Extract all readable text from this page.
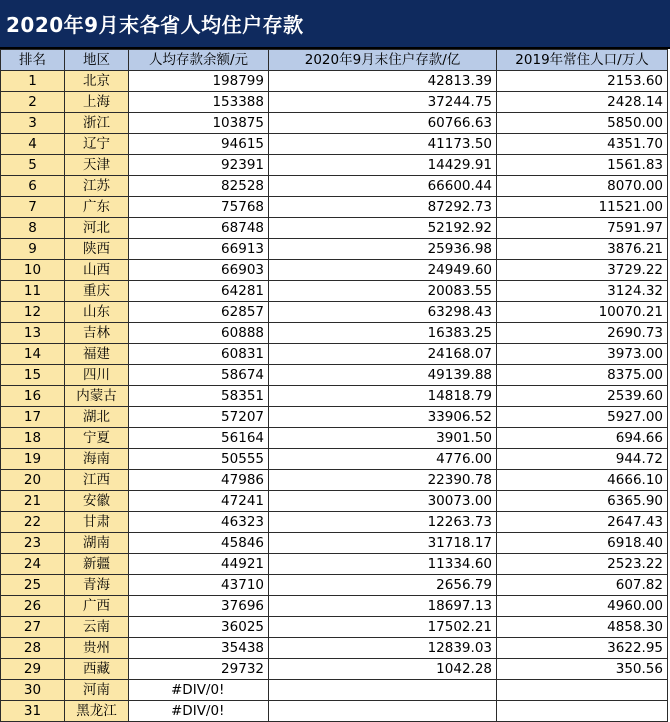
2020年9月末各省人均住户存款
排名	地区	人均存款余额/元	2020年9月末住户存款/亿	2019年常住人口/万人
1	北京	198799	42813.39	2153.60
2	上海	153388	37244.75	2428.14
3	浙江	103875	60766.63	5850.00
4	辽宁	94615	41173.50	4351.70
5	天津	92391	14429.91	1561.83
6	江苏	82528	66600.44	8070.00
7	广东	75768	87292.73	11521.00
8	河北	68748	52192.92	7591.97
9	陕西	66913	25936.98	3876.21
10	山西	66903	24949.60	3729.22
11	重庆	64281	20083.55	3124.32
12	山东	62857	63298.43	10070.21
13	吉林	60888	16383.25	2690.73
14	福建	60831	24168.07	3973.00
15	四川	58674	49139.88	8375.00
16	内蒙古	58351	14818.79	2539.60
17	湖北	57207	33906.52	5927.00
18	宁夏	56164	3901.50	694.66
19	海南	50555	4776.00	944.72
20	江西	47986	22390.78	4666.10
21	安徽	47241	30073.00	6365.90
22	甘肃	46323	12263.73	2647.43
23	湖南	45846	31718.17	6918.40
24	新疆	44921	11334.60	2523.22
25	青海	43710	2656.79	607.82
26	广西	37696	18697.13	4960.00
27	云南	36025	17502.21	4858.30
28	贵州	35438	12839.03	3622.95
29	西藏	29732	1042.28	350.56
30	河南	#DIV/0!		
31	黑龙江	#DIV/0!		
